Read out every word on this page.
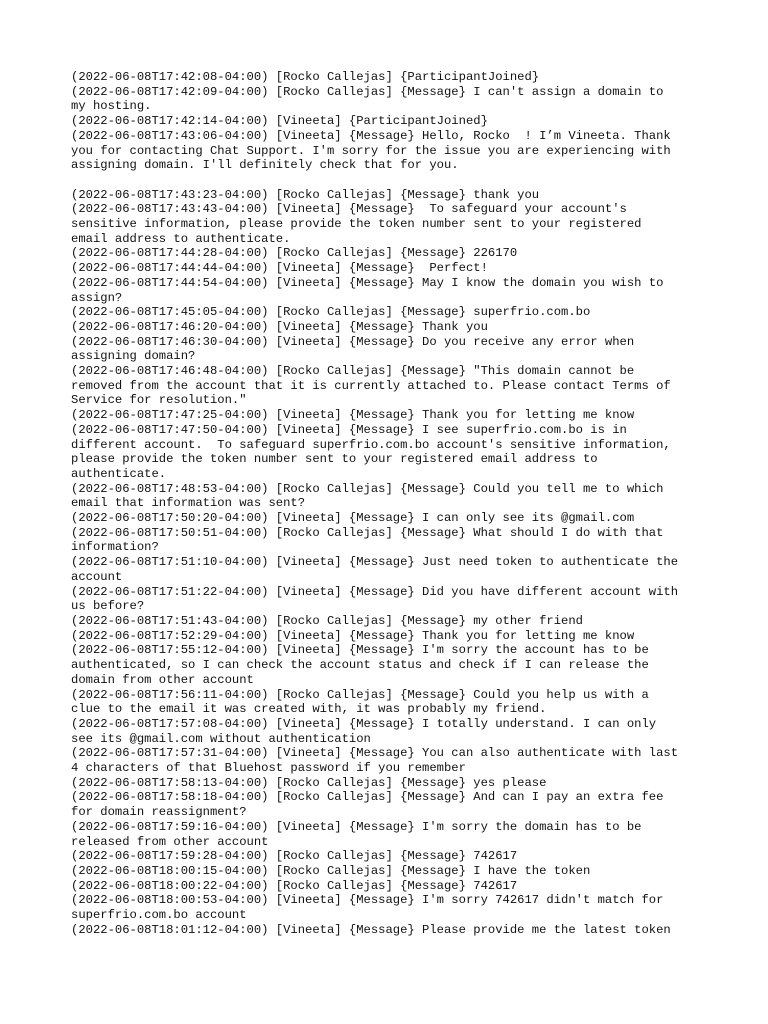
(2022-06-08T17:42:08-04:00) [Rocko Callejas] {ParticipantJoined}
(2022-06-08T17:42:09-04:00) [Rocko Callejas] {Message} I can't assign a domain to
my hosting.
(2022-06-08T17:42:14-04:00) [Vineeta] {ParticipantJoined}
(2022-06-08T17:43:06-04:00) [Vineeta] {Message} Hello, Rocko  ! I’m Vineeta. Thank
you for contacting Chat Support. I'm sorry for the issue you are experiencing with
assigning domain. I'll definitely check that for you.
(2022-06-08T17:43:23-04:00) [Rocko Callejas] {Message} thank you
(2022-06-08T17:43:43-04:00) [Vineeta] {Message}  To safeguard your account's
sensitive information, please provide the token number sent to your registered
email address to authenticate.
(2022-06-08T17:44:28-04:00) [Rocko Callejas] {Message} 226170
(2022-06-08T17:44:44-04:00) [Vineeta] {Message}  Perfect!
(2022-06-08T17:44:54-04:00) [Vineeta] {Message} May I know the domain you wish to
assign?
(2022-06-08T17:45:05-04:00) [Rocko Callejas] {Message} superfrio.com.bo
(2022-06-08T17:46:20-04:00) [Vineeta] {Message} Thank you
(2022-06-08T17:46:30-04:00) [Vineeta] {Message} Do you receive any error when
assigning domain?
(2022-06-08T17:46:48-04:00) [Rocko Callejas] {Message} "This domain cannot be
removed from the account that it is currently attached to. Please contact Terms of
Service for resolution."
(2022-06-08T17:47:25-04:00) [Vineeta] {Message} Thank you for letting me know
(2022-06-08T17:47:50-04:00) [Vineeta] {Message} I see superfrio.com.bo is in
different account.  To safeguard superfrio.com.bo account's sensitive information,
please provide the token number sent to your registered email address to
authenticate.
(2022-06-08T17:48:53-04:00) [Rocko Callejas] {Message} Could you tell me to which
email that information was sent?
(2022-06-08T17:50:20-04:00) [Vineeta] {Message} I can only see its @gmail.com
(2022-06-08T17:50:51-04:00) [Rocko Callejas] {Message} What should I do with that
information?
(2022-06-08T17:51:10-04:00) [Vineeta] {Message} Just need token to authenticate the
account
(2022-06-08T17:51:22-04:00) [Vineeta] {Message} Did you have different account with
us before?
(2022-06-08T17:51:43-04:00) [Rocko Callejas] {Message} my other friend
(2022-06-08T17:52:29-04:00) [Vineeta] {Message} Thank you for letting me know
(2022-06-08T17:55:12-04:00) [Vineeta] {Message} I'm sorry the account has to be
authenticated, so I can check the account status and check if I can release the
domain from other account
(2022-06-08T17:56:11-04:00) [Rocko Callejas] {Message} Could you help us with a
clue to the email it was created with, it was probably my friend.
(2022-06-08T17:57:08-04:00) [Vineeta] {Message} I totally understand. I can only
see its @gmail.com without authentication
(2022-06-08T17:57:31-04:00) [Vineeta] {Message} You can also authenticate with last
4 characters of that Bluehost password if you remember
(2022-06-08T17:58:13-04:00) [Rocko Callejas] {Message} yes please
(2022-06-08T17:58:18-04:00) [Rocko Callejas] {Message} And can I pay an extra fee
for domain reassignment?
(2022-06-08T17:59:16-04:00) [Vineeta] {Message} I'm sorry the domain has to be
released from other account
(2022-06-08T17:59:28-04:00) [Rocko Callejas] {Message} 742617
(2022-06-08T18:00:15-04:00) [Rocko Callejas] {Message} I have the token
(2022-06-08T18:00:22-04:00) [Rocko Callejas] {Message} 742617
(2022-06-08T18:00:53-04:00) [Vineeta] {Message} I'm sorry 742617 didn't match for
superfrio.com.bo account
(2022-06-08T18:01:12-04:00) [Vineeta] {Message} Please provide me the latest token
